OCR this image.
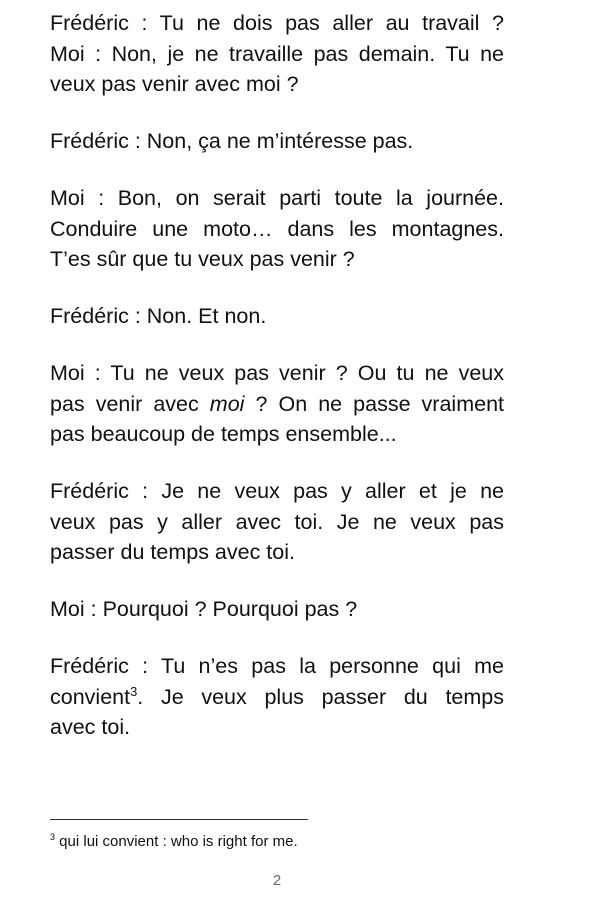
Frédéric : Tu ne dois pas aller au travail ?
Moi : Non, je ne travaille pas demain. Tu ne
veux pas venir avec moi ?

Frédéric : Non, ça ne m’intéresse pas.

Moi : Bon, on serait parti toute la journée.
Conduire une moto… dans les montagnes.
T’es sûr que tu veux pas venir ?

Frédéric : Non. Et non.

Moi : Tu ne veux pas venir ? Ou tu ne veux
pas venir avec moi ? On ne passe vraiment
pas beaucoup de temps ensemble...

Frédéric : Je ne veux pas y aller et je ne
veux pas y aller avec toi. Je ne veux pas
passer du temps avec toi.

Moi : Pourquoi ? Pourquoi pas ?

Frédéric : Tu n’es pas la personne qui me
convient$^3$. Je veux plus passer du temps
avec toi.

$^3$ qui lui convient : who is right for me.
2
